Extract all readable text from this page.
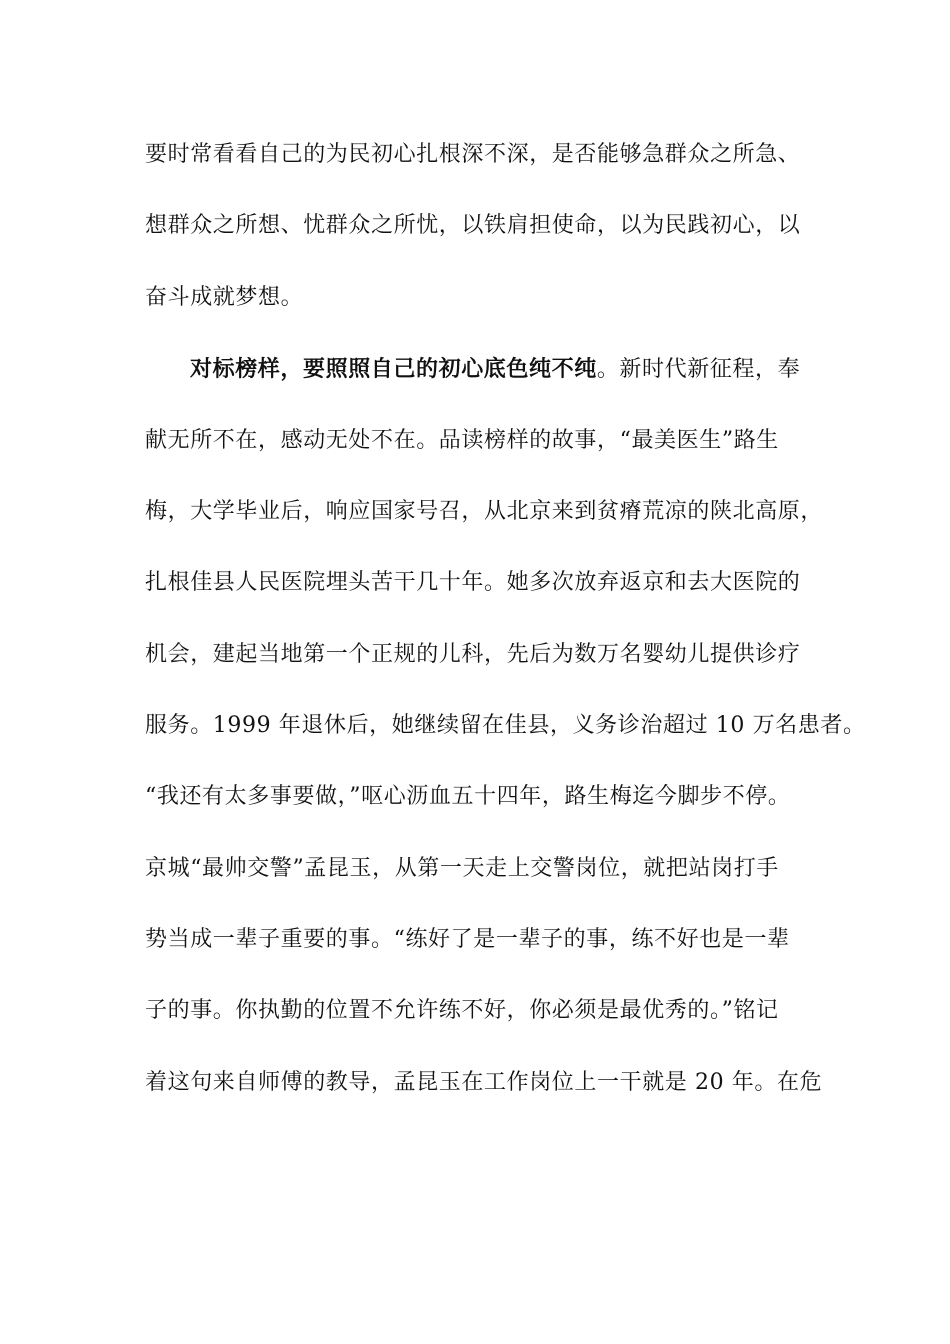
要时常看看自己的为民初心扎根深不深，是否能够急群众之所急、
想群众之所想、忧群众之所忧，以铁肩担使命，以为民践初心，以
奋斗成就梦想。
对标榜样，要照照自己的初心底色纯不纯。新时代新征程，奉
献无所不在，感动无处不在。品读榜样的故事，“最美医生”路生
梅，大学毕业后，响应国家号召，从北京来到贫瘠荒凉的陕北高原，
扎根佳县人民医院埋头苦干几十年。她多次放弃返京和去大医院的
机会，建起当地第一个正规的儿科，先后为数万名婴幼儿提供诊疗
服务。1999 年退休后，她继续留在佳县，义务诊治超过 10 万名患者。
“我还有太多事要做，”呕心沥血五十四年，路生梅迄今脚步不停。
京城“最帅交警”孟昆玉，从第一天走上交警岗位，就把站岗打手
势当成一辈子重要的事。“练好了是一辈子的事，练不好也是一辈
子的事。你执勤的位置不允许练不好，你必须是最优秀的。”铭记
着这句来自师傅的教导，孟昆玉在工作岗位上一干就是 20 年。在危
